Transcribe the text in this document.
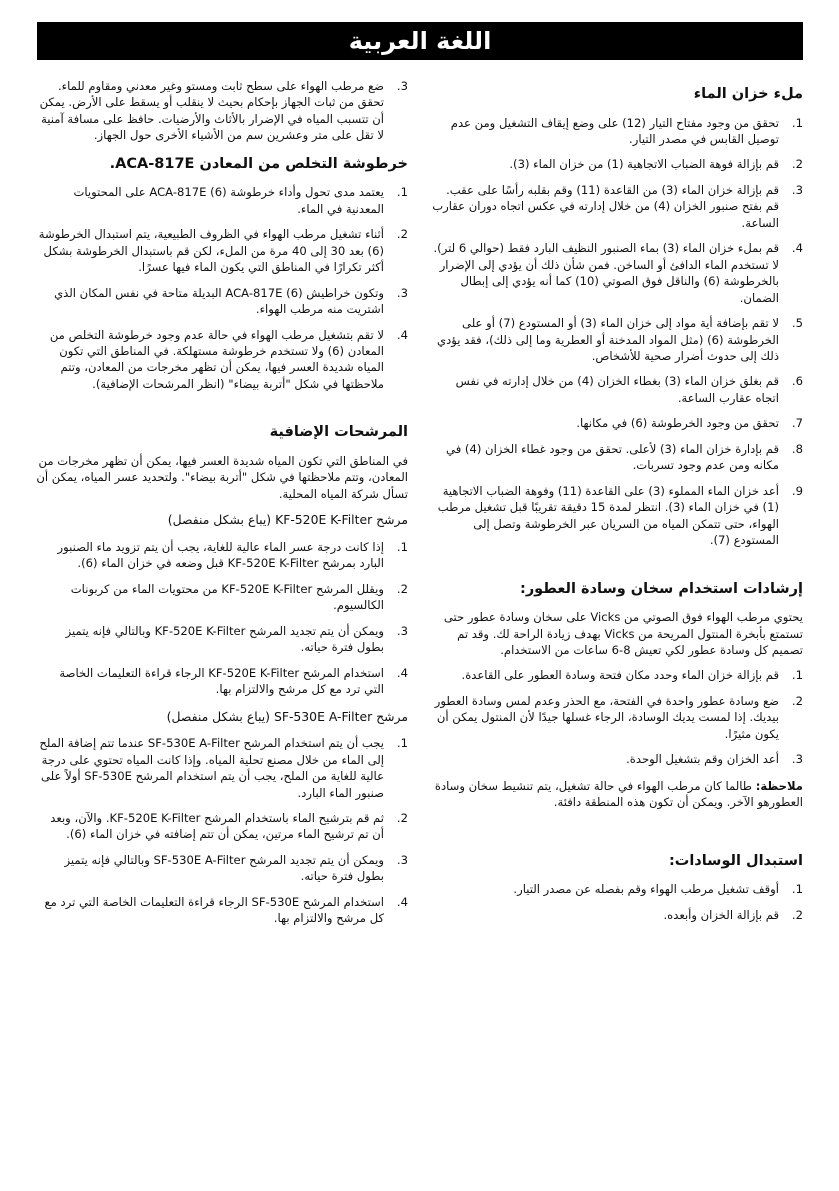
اللغة العربية
ملء خزان الماء
1.
تحقق من وجود مفتاح التيار (12) على وضع إيقاف التشغيل ومن عدم توصيل القابس في مصدر التيار.
2.
قم بإزالة فوهة الضباب الاتجاهية (1) من خزان الماء (3).
3.
قم بإزالة خزان الماء (3) من القاعدة (11) وقم بقلبه رأسًا على عقب. قم بفتح صنبور الخزان (4) من خلال إدارته في عكس اتجاه دوران عقارب الساعة.
4.
قم بملء خزان الماء (3) بماء الصنبور النظيف البارد فقط (حوالي 6 لتر). لا تستخدم الماء الدافئ أو الساخن. فمن شأن ذلك أن يؤدي إلى الإضرار بالخرطوشة (6) والناقل فوق الصوتي (10) كما أنه يؤدي إلى إبطال الضمان.
5.
لا تقم بإضافة أية مواد إلى خزان الماء (3) أو المستودع (7) أو على الخرطوشة (6) (مثل المواد المدخنة أو العطرية وما إلى ذلك)، فقد يؤدي ذلك إلى حدوث أضرار صحية للأشخاص.
6.
قم بغلق خزان الماء (3) بغطاء الخزان (4) من خلال إدارته في نفس اتجاه عقارب الساعة.
7.
تحقق من وجود الخرطوشة (6) في مكانها.
8.
قم بإدارة خزان الماء (3) لأعلى. تحقق من وجود غطاء الخزان (4) في مكانه ومن عدم وجود تسربات.
9.
أعد خزان الماء المملوء (3) على القاعدة (11) وفوهة الضباب الاتجاهية (1) في خزان الماء (3). انتظر لمدة 15 دقيقة تقريبًا قبل تشغيل مرطب الهواء، حتى تتمكن المياه من السريان عبر الخرطوشة وتصل إلى المستودع (7).
إرشادات استخدام سخان وسادة العطور:

يحتوي مرطب الهواء فوق الصوتي من Vicks على سخان وسادة عطور حتى تستمتع بأبخرة المنتول المريحة من Vicks بهدف زيادة الراحة لك. وقد تم تصميم كل وسادة عطور لكي تعيش 8-6 ساعات من الاستخدام.

1.
قم بإزالة خزان الماء وحدد مكان فتحة وسادة العطور على القاعدة.
2.
ضع وسادة عطور واحدة في الفتحة، مع الحذر وعدم لمس وسادة العطور بيديك. إذا لمست يديك الوسادة، الرجاء غسلها جيدًا لأن المنتول يمكن أن يكون مثيرًا.
3.
أعد الخزان وقم بتشغيل الوحدة.

ملاحظة: طالما كان مرطب الهواء في حالة تشغيل، يتم تنشيط سخان وسادة العطورهو الآخر. ويمكن أن تكون هذه المنطقة دافئة.

استبدال الوسادات:
1.
أوقف تشغيل مرطب الهواء وقم بفصله عن مصدر التيار.
2.
قم بإزالة الخزان وأبعده.
3.
ضع مرطب الهواء على سطح ثابت ومستو وغير معدني ومقاوم للماء. تحقق من ثبات الجهاز بإحكام بحيث لا ينقلب أو يسقط على الأرض. يمكن أن تتسبب المياه في الإضرار بالأثاث والأرضيات. حافظ على مسافة آمنية لا تقل على متر وعشرين سم من الأشياء الأخرى حول الجهاز.
خرطوشة التخلص من المعادن ACA-817E.
1.
يعتمد مدى تحول وأداء خرطوشة (ACA-817E (6 على المحتويات المعدنية في الماء.
2.
أثناء تشغيل مرطب الهواء في الظروف الطبيعية، يتم استبدال الخرطوشة (6) بعد 30 إلى 40 مرة من الملء، لكن قم باستبدال الخرطوشة بشكل أكثر تكرارًا في المناطق التي يكون الماء فيها عسرًا.
3.
وتكون خراطيش (ACA-817E (6 البديلة متاحة في نفس المكان الذي اشتريت منه مرطب الهواء.
4.
لا تقم بتشغيل مرطب الهواء في حالة عدم وجود خرطوشة التخلص من المعادن (6) ولا تستخدم خرطوشة مستهلكة. في المناطق التي تكون المياه شديدة العسر فيها، يمكن أن تظهر مخرجات من المعادن، وتتم ملاحظتها في شكل "أتربة بيضاء" (انظر المرشحات الإضافية).
المرشحات الإضافية

في المناطق التي تكون المياه شديدة العسر فيها، يمكن أن تظهر مخرجات من المعادن، وتتم ملاحظتها في شكل "أتربة بيضاء". ولتحديد عسر المياه، يمكن أن تسأل شركة المياه المحلية.

مرشح KF-520E K-Filter (يباع بشكل منفصل)
1.
إذا كانت درجة عسر الماء عالية للغاية، يجب أن يتم تزويد ماء الصنبور البارد بمرشح KF-520E K-Filter قبل وضعه في خزان الماء (6).
2.
ويقلل المرشح KF-520E K-Filter من محتويات الماء من كربونات الكالسيوم.
3.
ويمكن أن يتم تجديد المرشح KF-520E K-Filter وبالتالي فإنه يتميز بطول فترة حياته.
4.
استخدام المرشح KF-520E K-Filter الرجاء قراءة التعليمات الخاصة التي ترد مع كل مرشح والالتزام بها.
مرشح SF-530E A-Filter (يباع بشكل منفصل)
1.
يجب أن يتم استخدام المرشح SF-530E A-Filter عندما تتم إضافة الملح إلى الماء من خلال مصنع تحلية المياه. وإذا كانت المياه تحتوي على درجة عالية للغاية من الملح، يجب أن يتم استخدام المرشح SF-530E أولاً على صنبور الماء البارد.
2.
ثم قم بترشيح الماء باستخدام المرشح KF-520E K-Filter. والآن، وبعد أن تم ترشيح الماء مرتين، يمكن أن تتم إضافته في خزان الماء (6).
3.
ويمكن أن يتم تجديد المرشح SF-530E A-Filter وبالتالي فإنه يتميز بطول فترة حياته.
4.
استخدام المرشح SF-530E الرجاء قراءة التعليمات الخاصة التي ترد مع كل مرشح والالتزام بها.
